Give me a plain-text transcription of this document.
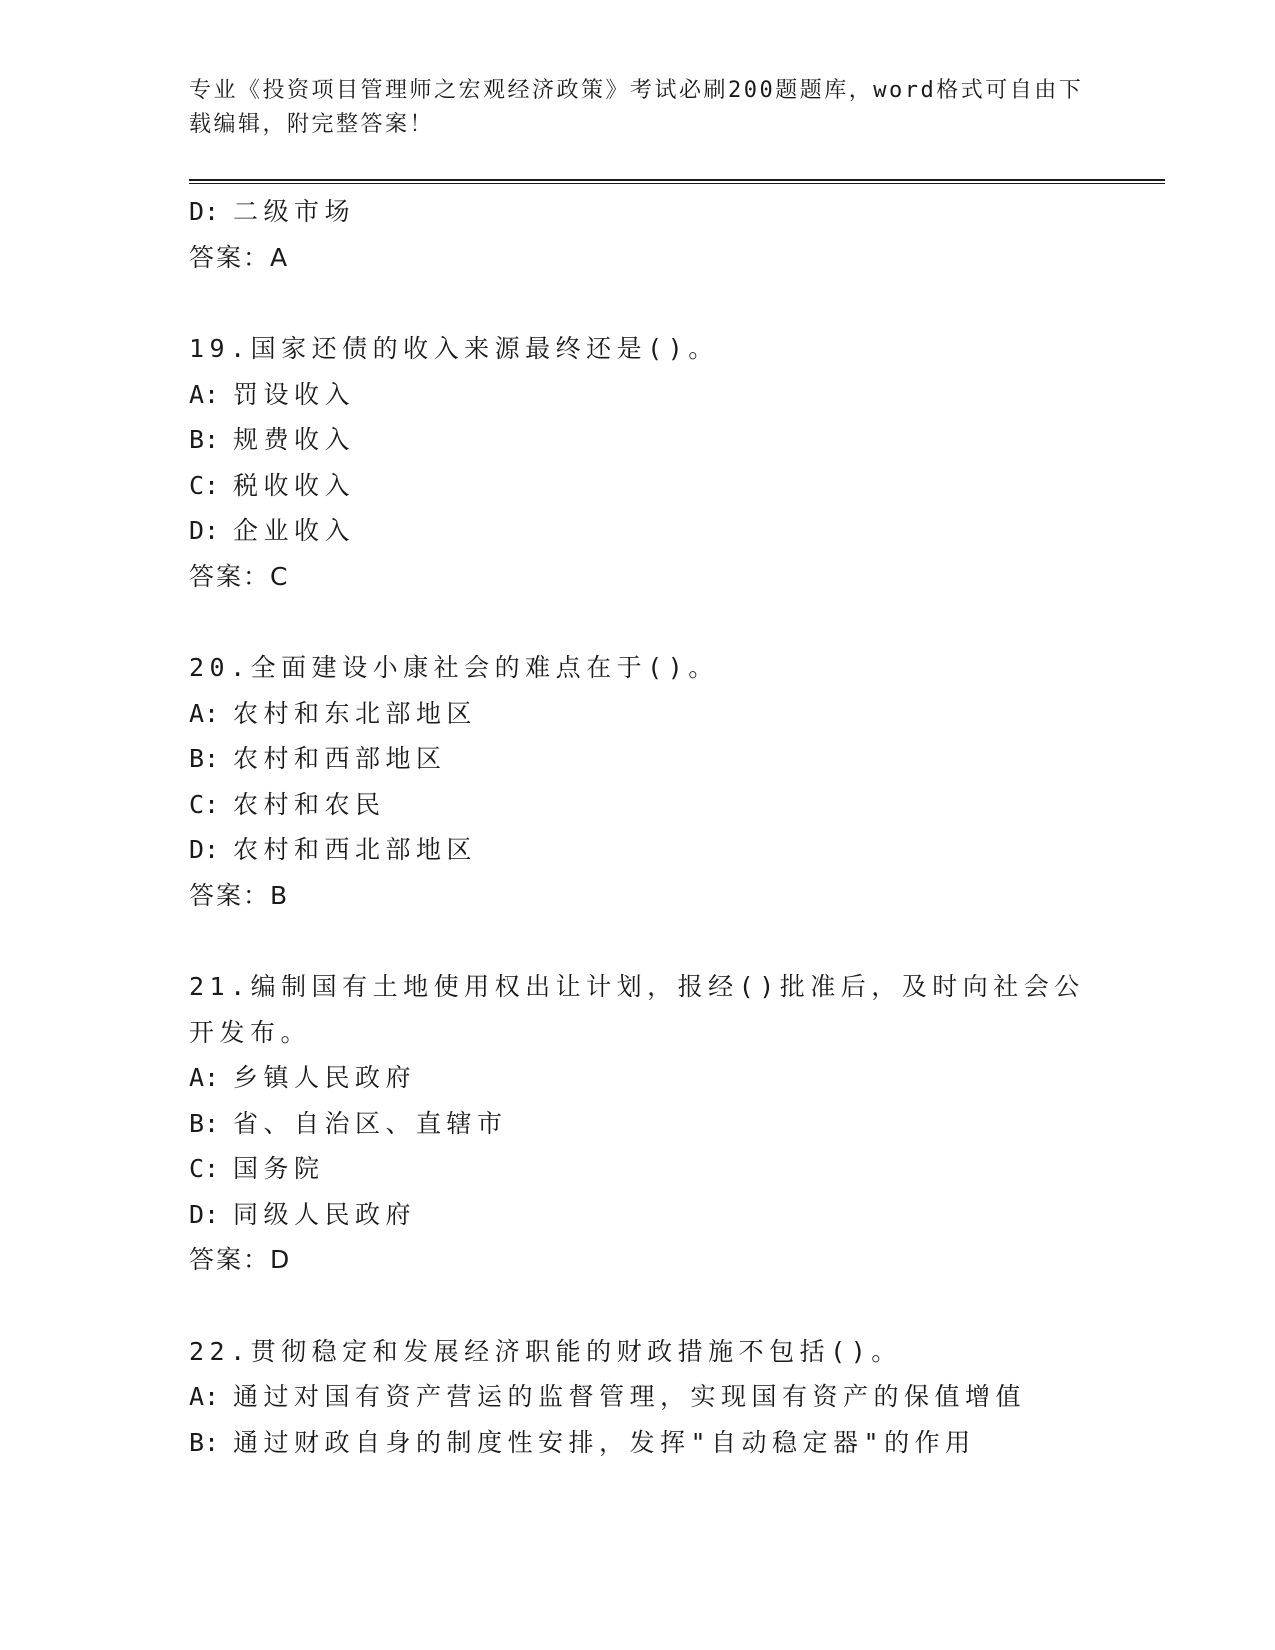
专业《投资项目管理师之宏观经济政策》考试必刷200题题库，word格式可自由下载编辑，附完整答案！
D: 二级市场
答案：A
19.国家还债的收入来源最终还是()。
A: 罚设收入
B: 规费收入
C: 税收收入
D: 企业收入
答案：C
20.全面建设小康社会的难点在于()。
A: 农村和东北部地区
B: 农村和西部地区
C: 农村和农民
D: 农村和西北部地区
答案：B
21.编制国有土地使用权出让计划，报经()批准后，及时向社会公开发布。
A: 乡镇人民政府
B: 省、自治区、直辖市
C: 国务院
D: 同级人民政府
答案：D
22.贯彻稳定和发展经济职能的财政措施不包括()。
A: 通过对国有资产营运的监督管理，实现国有资产的保值增值
B: 通过财政自身的制度性安排，发挥"自动稳定器"的作用
